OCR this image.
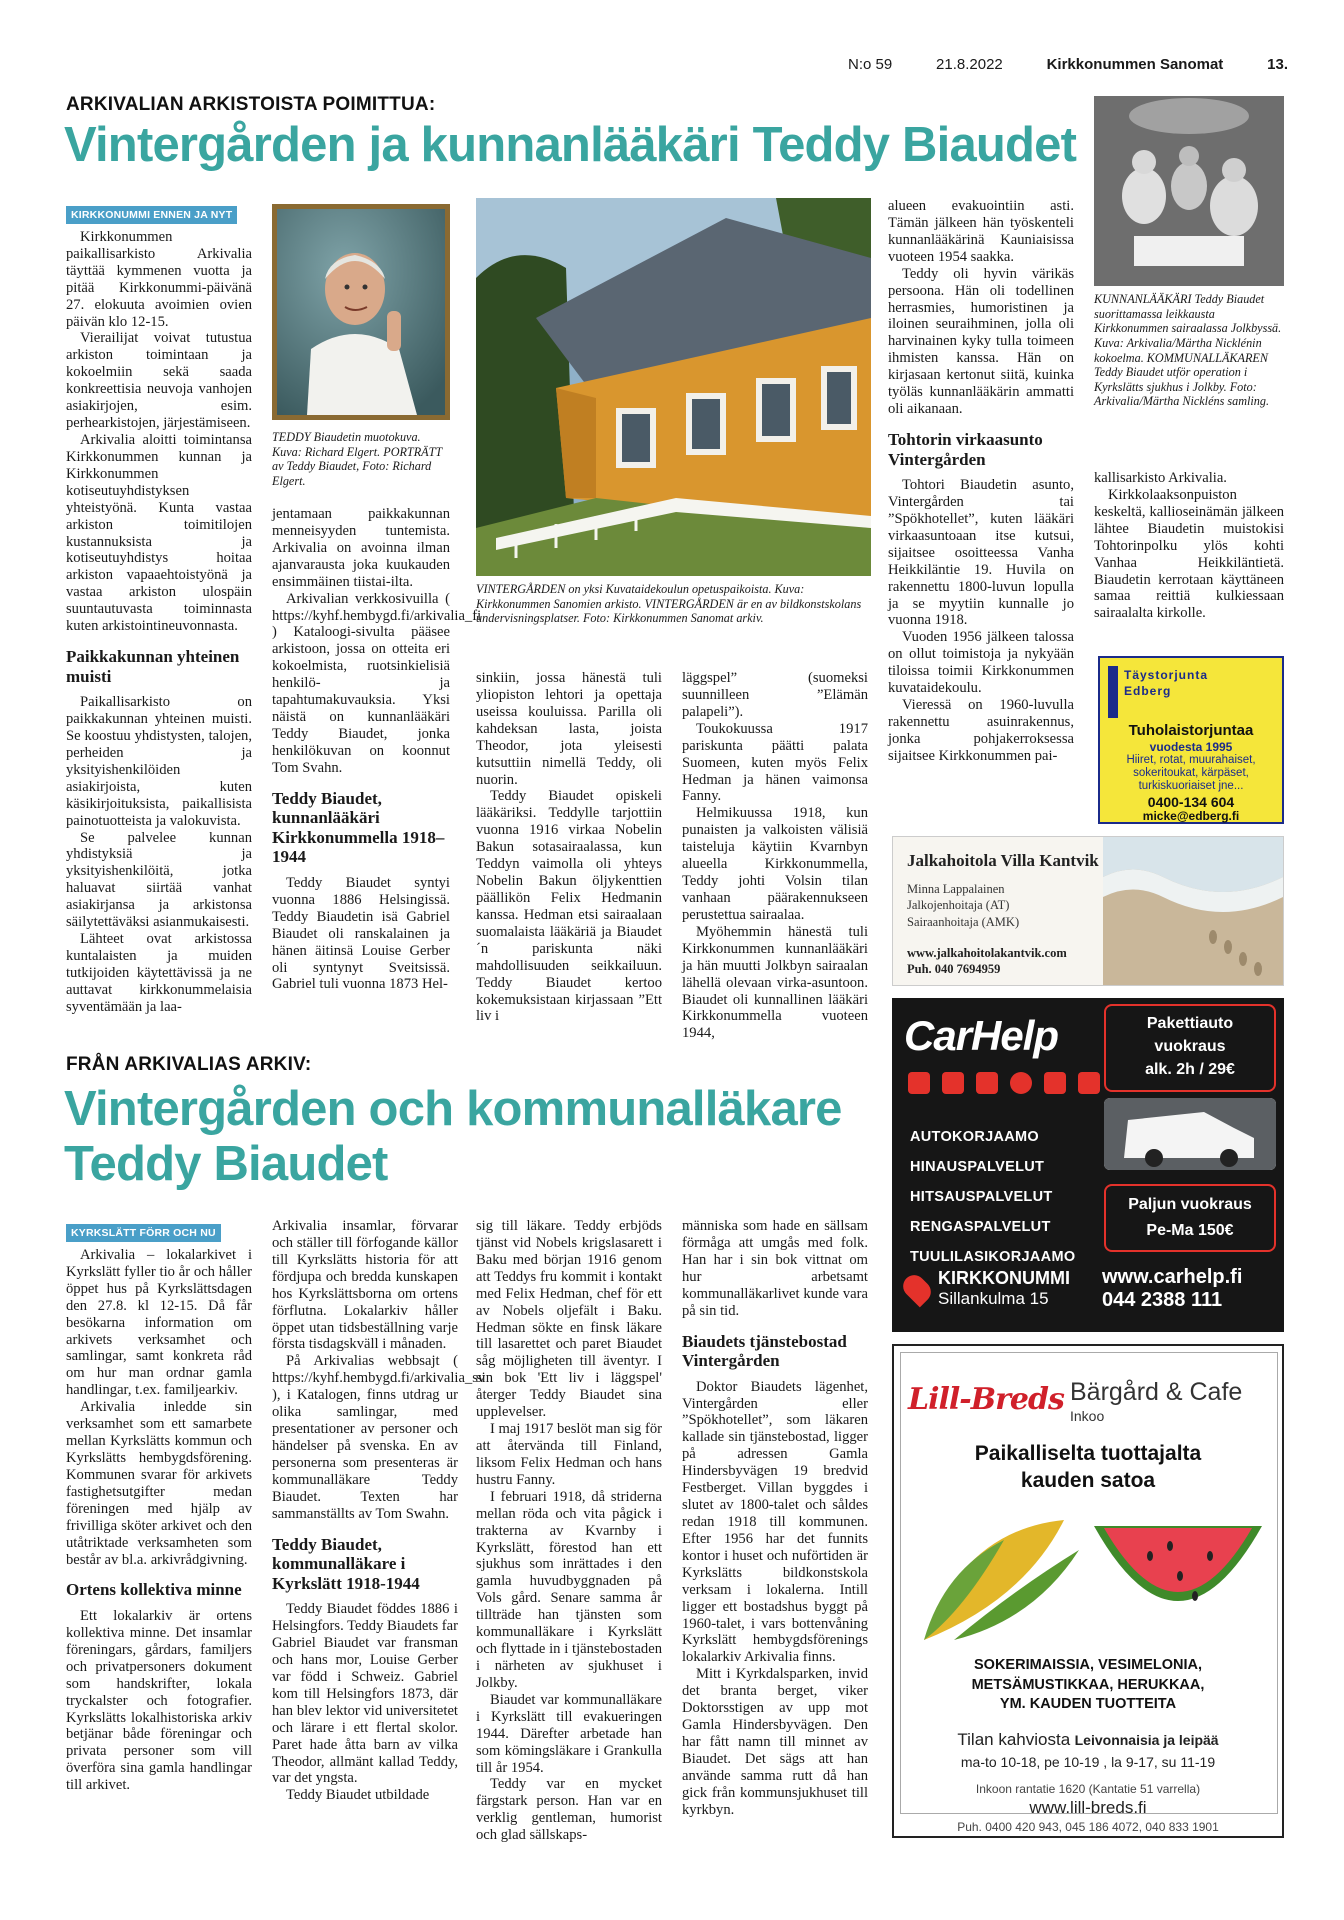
N:o 59	21.8.2022	Kirkkonummen Sanomat	13.
ARKIVALIAN ARKISTOISTA POIMITTUA:
Vintergården ja kunnanlääkäri Teddy Biaudet
KIRKKONUMMI ENNEN JA NYT

Kirkkonummen paikallisarkisto Arkivalia täyttää kymmenen vuotta ja pitää Kirkkonummi-päivänä 27. elokuuta avoimien ovien päivän klo 12-15.

Vierailijat voivat tutustua arkiston toimintaan ja kokoelmiin sekä saada konkreettisia neuvoja vanhojen asiakirjojen, esim. perhearkistojen, järjestämiseen.

Arkivalia aloitti toimintansa Kirkkonummen kunnan ja Kirkkonummen kotiseutuyhdistyksen yhteistyönä. Kunta vastaa arkiston toimitilojen kustannuksista ja kotiseutuyhdistys hoitaa arkiston vapaaehtoistyönä ja vastaa arkiston ulospäin suuntautuvasta toiminnasta kuten arkistointineuvonnasta.

Paikkakunnan yhteinen muisti

Paikallisarkisto on paikkakunnan yhteinen muisti. Se koostuu yhdistysten, talojen, perheiden ja yksityishenkilöiden asiakirjoista, kuten käsikirjoituksista, paikallisista painotuotteista ja valokuvista.

Se palvelee kunnan yhdistyksiä ja yksityishenkilöitä, jotka haluavat siirtää vanhat asiakirjansa ja arkistonsa säilytettäväksi asianmukaisesti.

Lähteet ovat arkistossa kuntalaisten ja muiden tutkijoiden käytettävissä ja ne auttavat kirkkonummelaisia syventämään ja laa-

TEDDY Biaudetin muotokuva. Kuva: Richard Elgert. PORTRÄTT av Teddy Biaudet, Foto: Richard Elgert.

jentamaan paikkakunnan menneisyyden tuntemista. Arkivalia on avoinna ilman ajanvarausta joka kuukauden ensimmäinen tiistai-ilta.

Arkivalian verkkosivuilla ( https://kyhf.hembygd.fi/arkivalia_fi ) Kataloogi-sivulta pääsee arkistoon, jossa on otteita eri kokoelmista, ruotsinkielisiä henkilö- ja tapahtumakuvauksia. Yksi näistä on kunnanlääkäri Teddy Biaudet, jonka henkilökuvan on koonnut Tom Svahn.

Teddy Biaudet, kunnanlääkäri Kirkkonummella 1918–1944

Teddy Biaudet syntyi vuonna 1886 Helsingissä. Teddy Biaudetin isä Gabriel Biaudet oli ranskalainen ja hänen äitinsä Louise Gerber oli syntynyt Sveitsissä. Gabriel tuli vuonna 1873 Hel-

VINTERGÅRDEN on yksi Kuvataidekoulun opetuspaikoista. Kuva: Kirkkonummen Sanomien arkisto. VINTERGÅRDEN är en av bildkonstskolans undervisningsplatser. Foto: Kirkkonummen Sanomat arkiv.

sinkiin, jossa hänestä tuli yliopiston lehtori ja opettaja useissa kouluissa. Parilla oli kahdeksan lasta, joista Theodor, jota yleisesti kutsuttiin nimellä Teddy, oli nuorin.

Teddy Biaudet opiskeli lääkäriksi. Teddylle tarjottiin vuonna 1916 virkaa Nobelin Bakun sotasairaalassa, kun Teddyn vaimolla oli yhteys Nobelin Bakun öljykenttien päällikön Felix Hedmanin kanssa. Hedman etsi sairaalaan suomalaista lääkäriä ja Biaudet´n pariskunta näki mahdollisuuden seikkailuun. Teddy Biaudet kertoo kokemuksistaan kirjassaan ”Ett liv i

läggspel” (suomeksi suunnilleen ”Elämän palapeli”).

Toukokuussa 1917 pariskunta päätti palata Suomeen, kuten myös Felix Hedman ja hänen vaimonsa Fanny.

Helmikuussa 1918, kun punaisten ja valkoisten välisiä taisteluja käytiin Kvarnbyn alueella Kirkkonummella, Teddy johti Volsin tilan vanhaan päärakennukseen perustettua sairaalaa.

Myöhemmin hänestä tuli Kirkkonummen kunnanlääkäri ja hän muutti Jolkbyn sairaalan lähellä olevaan virka-asuntoon. Biaudet oli kunnallinen lääkäri Kirkkonummella vuoteen 1944,

alueen evakuointiin asti. Tämän jälkeen hän työskenteli kunnanlääkärinä Kauniaisissa vuoteen 1954 saakka.

Teddy oli hyvin värikäs persoona. Hän oli todellinen herrasmies, humoristinen ja iloinen seuraihminen, jolla oli harvinainen kyky tulla toimeen ihmisten kanssa. Hän on kirjasaan kertonut siitä, kuinka työläs kunnanlääkärin ammatti oli aikanaan.

Tohtorin virkaasunto Vintergården

Tohtori Biaudetin asunto, Vintergården tai ”Spökhotellet”, kuten lääkäri virkaasuntoaan itse kutsui, sijaitsee osoitteessa Vanha Heikkiläntie 19. Huvila on rakennettu 1800-luvun lopulla ja se myytiin kunnalle jo vuonna 1918.

Vuoden 1956 jälkeen talossa on ollut toimistoja ja nykyään tiloissa toimii Kirkkonummen kuvataidekoulu.

Vieressä on 1960-luvulla rakennettu asuinrakennus, jonka pohjakerroksessa sijaitsee Kirkkonummen pai-

KUNNANLÄÄKÄRI Teddy Biaudet suorittamassa leikkausta Kirkkonummen sairaalassa Jolkbyssä. Kuva: Arkivalia/Märtha Nicklénin kokoelma. KOMMUNALLÄKAREN Teddy Biaudet utför operation i Kyrkslätts sjukhus i Jolkby. Foto: Arkivalia/Märtha Nickléns samling.

kallisarkisto Arkivalia.

Kirkkolaaksonpuiston keskeltä, kallioseinämän jälkeen lähtee Biaudetin muistokisi Tohtorinpolku ylös kohti Vanhaa Heikkiläntietä. Biaudetin kerrotaan käyttäneen samaa reittiä kulkiessaan sairaalalta kirkolle.

Täystorjunta
Edberg
Tuholaistorjuntaa
vuodesta 1995
Hiiret, rotat, muurahaiset,
sokeritoukat, kärpäset,
turkiskuoriaiset jne...
0400-134 604
micke@edberg.fi
Jalkahoitola Villa Kantvik
Minna Lappalainen
Jalkojenhoitaja (AT)
Sairaanhoitaja (AMK)
www.jalkahoitolakantvik.com
Puh. 040 7694959
FRÅN ARKIVALIAS ARKIV:
Vintergården och kommunalläkare
Teddy Biaudet
KYRKSLÄTT FÖRR OCH NU

Arkivalia – lokalarkivet i Kyrkslätt fyller tio år och håller öppet hus på Kyrkslättsdagen den 27.8. kl 12-15. Då får besökarna information om arkivets verksamhet och samlingar, samt konkreta råd om hur man ordnar gamla handlingar, t.ex. familjearkiv.

Arkivalia inledde sin verksamhet som ett samarbete mellan Kyrkslätts kommun och Kyrkslätts hembygdsförening. Kommunen svarar för arkivets fastighetsutgifter medan föreningen med hjälp av frivilliga sköter arkivet och den utåtriktade verksamheten som består av bl.a. arkivrådgivning.

Ortens kollektiva minne

Ett lokalarkiv är ortens kollektiva minne. Det insamlar föreningars, gårdars, familjers och privatpersoners dokument som handskrifter, lokala tryckalster och fotografier. Kyrkslätts lokalhistoriska arkiv betjänar både föreningar och privata personer som vill överföra sina gamla handlingar till arkivet.

Arkivalia insamlar, förvarar och ställer till förfogande källor till Kyrkslätts historia för att fördjupa och bredda kunskapen hos Kyrkslättsborna om ortens förflutna. Lokalarkiv håller öppet utan tidsbeställning varje första tisdagskväll i månaden.

På Arkivalias webbsajt ( https://kyhf.hembygd.fi/arkivalia_sv ), i Katalogen, finns utdrag ur olika samlingar, med presentationer av personer och händelser på svenska. En av personerna som presenteras är kommunalläkare Teddy Biaudet. Texten har sammanställts av Tom Swahn.

Teddy Biaudet, kommunalläkare i Kyrkslätt 1918-1944

Teddy Biaudet föddes 1886 i Helsingfors. Teddy Biaudets far Gabriel Biaudet var fransman och hans mor, Louise Gerber var född i Schweiz. Gabriel kom till Helsingfors 1873, där han blev lektor vid universitetet och lärare i ett flertal skolor. Paret hade åtta barn av vilka Theodor, allmänt kallad Teddy, var det yngsta.

Teddy Biaudet utbildade

sig till läkare. Teddy erbjöds tjänst vid Nobels krigslasarett i Baku med början 1916 genom att Teddys fru kommit i kontakt med Felix Hedman, chef för ett av Nobels oljefält i Baku. Hedman sökte en finsk läkare till lasarettet och paret Biaudet såg möjligheten till äventyr. I sin bok 'Ett liv i läggspel' återger Teddy Biaudet sina upplevelser.

I maj 1917 beslöt man sig för att återvända till Finland, liksom Felix Hedman och hans hustru Fanny.

I februari 1918, då striderna mellan röda och vita pågick i trakterna av Kvarnby i Kyrkslätt, förestod han ett sjukhus som inrättades i den gamla huvudbyggnaden på Vols gård. Senare samma år tillträde han tjänsten som kommunalläkare i Kyrkslätt och flyttade in i tjänstebostaden i närheten av sjukhuset i Jolkby.

Biaudet var kommunalläkare i Kyrkslätt till evakueringen 1944. Därefter arbetade han som kömingsläkare i Grankulla till år 1954.

Teddy var en mycket färgstark person. Han var en verklig gentleman, humorist och glad sällskaps-

människa som hade en sällsam förmåga att umgås med folk. Han har i sin bok vittnat om hur arbetsamt kommunalläkarlivet kunde vara på sin tid.

Biaudets tjänstebostad Vintergården

Doktor Biaudets lägenhet, Vintergården eller ”Spökhotellet”, som läkaren kallade sin tjänstebostad, ligger på adressen Gamla Hindersbyvägen 19 bredvid Festberget. Villan byggdes i slutet av 1800-talet och såldes redan 1918 till kommunen. Efter 1956 har det funnits kontor i huset och nuförtiden är Kyrkslätts bildkonstskola verksam i lokalerna. Intill ligger ett bostadshus byggt på 1960-talet, i vars bottenvåning Kyrkslätt hembygdsförenings lokalarkiv Arkivalia finns.

Mitt i Kyrkdalsparken, invid det branta berget, viker Doktorsstigen av upp mot Gamla Hindersbyvägen. Den har fått namn till minnet av Biaudet. Det sägs att han använde samma rutt då han gick från kommunsjukhuset till kyrkbyn.

CarHelp
AUTOKORJAAMO
HINAUSPALVELUT
HITSAUSPALVELUT
RENGASPALVELUT
TUULILASIKORJAAMO
Pakettiauto
vuokraus
alk. 2h / 29€
Paljun vuokraus
Pe-Ma 150€
KIRKKONUMMI
Sillankulma 15
www.carhelp.fi
044 2388 111
Lill-Breds Bärgård & Cafe
Inkoo
Paikalliselta tuottajalta
kauden satoa
SOKERIMAISSIA, VESIMELONIA,
METSÄMUSTIKKAA, HERUKKAA,
YM. KAUDEN TUOTTEITA
Tilan kahviosta Leivonnaisia ja leipää
ma-to 10-18, pe 10-19 , la 9-17, su 11-19
Inkoon rantatie 1620 (Kantatie 51 varrella)
www.lill-breds.fi
Puh. 0400 420 943, 045 186 4072, 040 833 1901
